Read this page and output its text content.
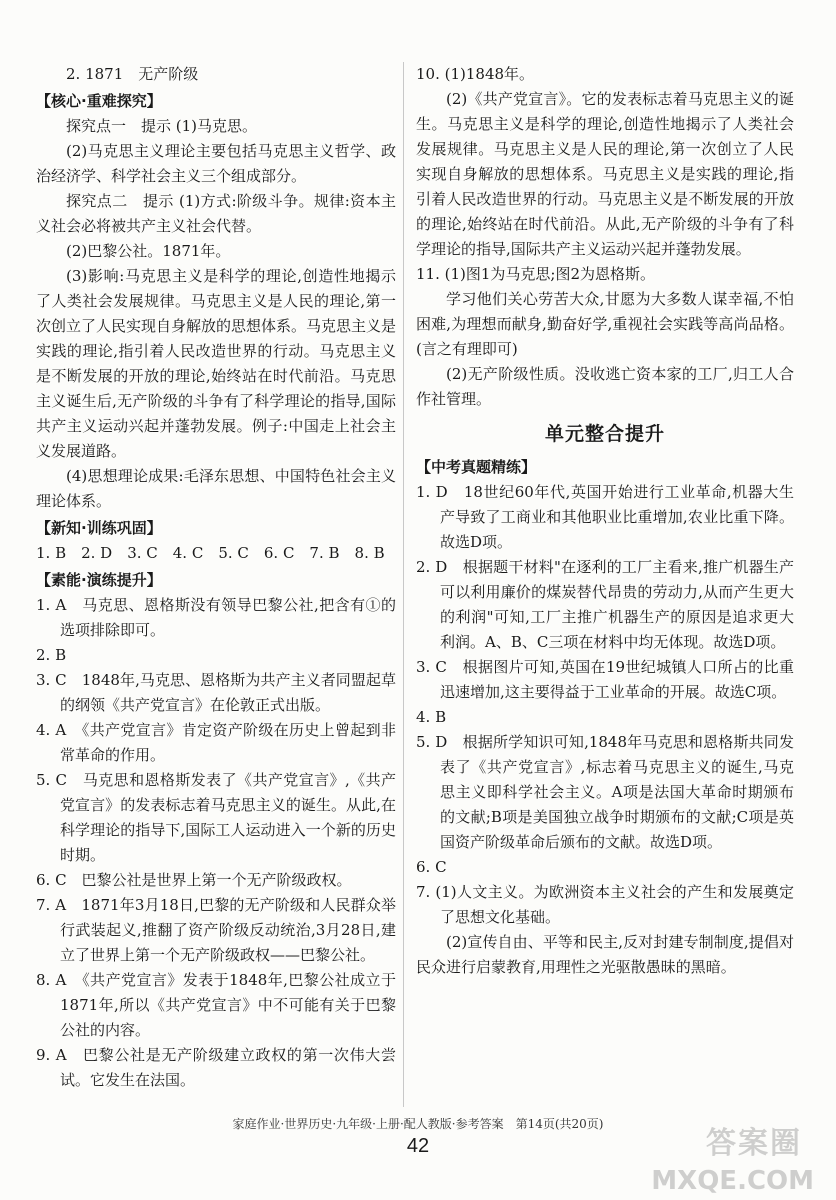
2. 1871　无产阶级

【核心·重难探究】

探究点一　提示 (1)马克思。

(2)马克思主义理论主要包括马克思主义哲学、政治经济学、科学社会主义三个组成部分。

探究点二　提示 (1)方式:阶级斗争。规律:资本主义社会必将被共产主义社会代替。

(2)巴黎公社。1871年。

(3)影响:马克思主义是科学的理论,创造性地揭示了人类社会发展规律。马克思主义是人民的理论,第一次创立了人民实现自身解放的思想体系。马克思主义是实践的理论,指引着人民改造世界的行动。马克思主义是不断发展的开放的理论,始终站在时代前沿。马克思主义诞生后,无产阶级的斗争有了科学理论的指导,国际共产主义运动兴起并蓬勃发展。例子:中国走上社会主义发展道路。

(4)思想理论成果:毛泽东思想、中国特色社会主义理论体系。

【新知·训练巩固】

1. B　2. D　3. C　4. C　5. C　6. C　7. B　8. B

【素能·演练提升】

1. A　马克思、恩格斯没有领导巴黎公社,把含有①的选项排除即可。

2. B

3. C　1848年,马克思、恩格斯为共产主义者同盟起草的纲领《共产党宣言》在伦敦正式出版。

4. A　《共产党宣言》肯定资产阶级在历史上曾起到非常革命的作用。

5. C　马克思和恩格斯发表了《共产党宣言》,《共产党宣言》的发表标志着马克思主义的诞生。从此,在科学理论的指导下,国际工人运动进入一个新的历史时期。

6. C　巴黎公社是世界上第一个无产阶级政权。

7. A　1871年3月18日,巴黎的无产阶级和人民群众举行武装起义,推翻了资产阶级反动统治,3月28日,建立了世界上第一个无产阶级政权——巴黎公社。

8. A　《共产党宣言》发表于1848年,巴黎公社成立于1871年,所以《共产党宣言》中不可能有关于巴黎公社的内容。

9. A　巴黎公社是无产阶级建立政权的第一次伟大尝试。它发生在法国。

10. (1)1848年。

(2)《共产党宣言》。它的发表标志着马克思主义的诞生。马克思主义是科学的理论,创造性地揭示了人类社会发展规律。马克思主义是人民的理论,第一次创立了人民实现自身解放的思想体系。马克思主义是实践的理论,指引着人民改造世界的行动。马克思主义是不断发展的开放的理论,始终站在时代前沿。从此,无产阶级的斗争有了科学理论的指导,国际共产主义运动兴起并蓬勃发展。

11. (1)图1为马克思;图2为恩格斯。

学习他们关心劳苦大众,甘愿为大多数人谋幸福,不怕困难,为理想而献身,勤奋好学,重视社会实践等高尚品格。(言之有理即可)

(2)无产阶级性质。没收逃亡资本家的工厂,归工人合作社管理。

单元整合提升

【中考真题精练】

1. D　18世纪60年代,英国开始进行工业革命,机器大生产导致了工商业和其他职业比重增加,农业比重下降。故选D项。

2. D　根据题干材料"在逐利的工厂主看来,推广机器生产可以利用廉价的煤炭替代昂贵的劳动力,从而产生更大的利润"可知,工厂主推广机器生产的原因是追求更大利润。A、B、C三项在材料中均无体现。故选D项。

3. C　根据图片可知,英国在19世纪城镇人口所占的比重迅速增加,这主要得益于工业革命的开展。故选C项。

4. B

5. D　根据所学知识可知,1848年马克思和恩格斯共同发表了《共产党宣言》,标志着马克思主义的诞生,马克思主义即科学社会主义。A项是法国大革命时期颁布的文献;B项是美国独立战争时期颁布的文献;C项是英国资产阶级革命后颁布的文献。故选D项。

6. C

7. (1)人文主义。为欧洲资本主义社会的产生和发展奠定了思想文化基础。

(2)宣传自由、平等和民主,反对封建专制制度,提倡对民众进行启蒙教育,用理性之光驱散愚昧的黑暗。

家庭作业·世界历史·九年级·上册·配人教版·参考答案　第14页(共20页)
42	答案圈
MXQE.COM
